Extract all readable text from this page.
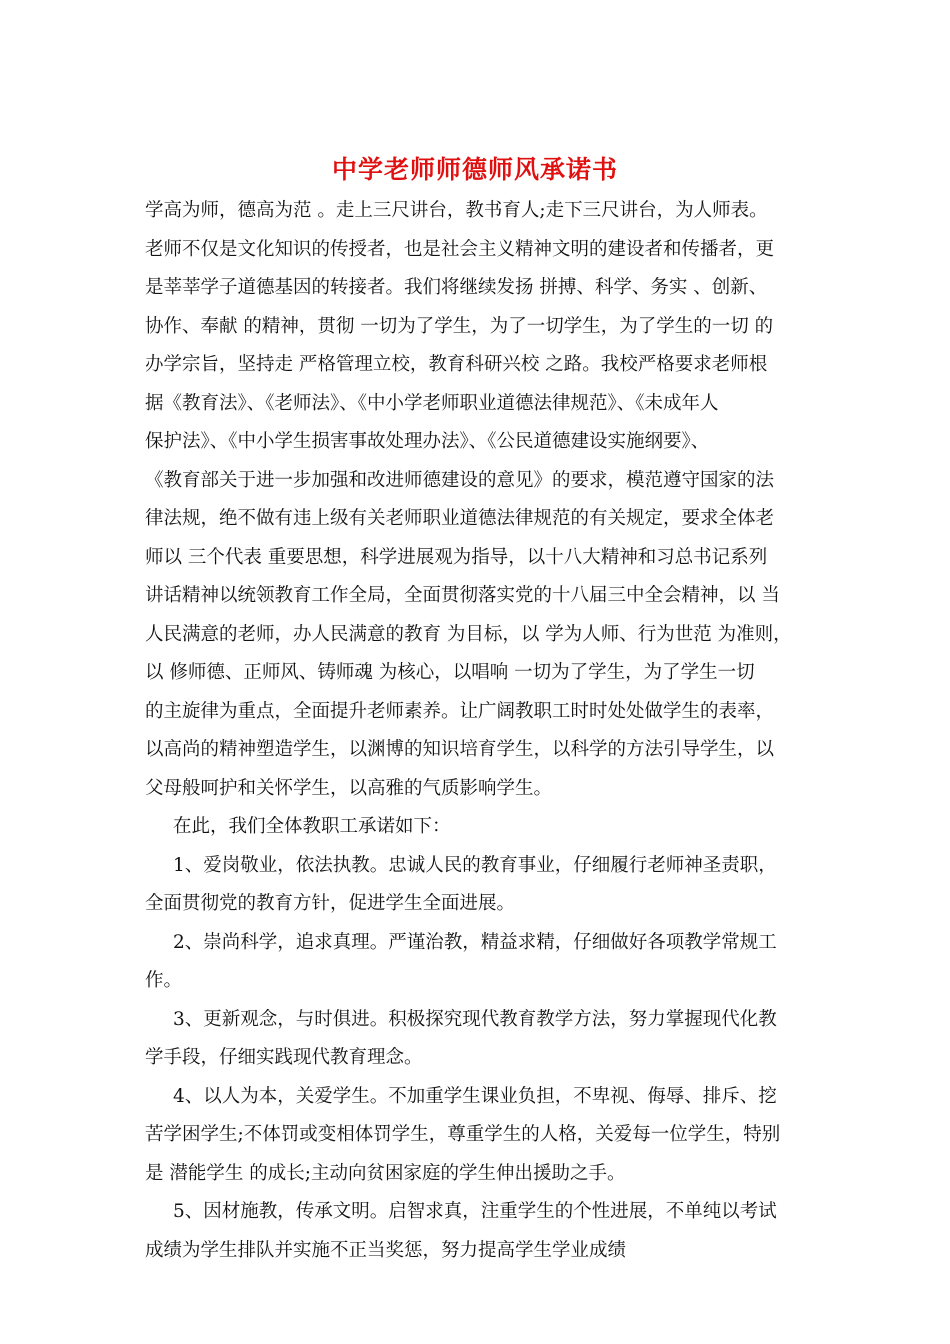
中学老师师德师风承诺书
学高为师，德高为范 。走上三尺讲台，教书育人;走下三尺讲台，为人师表。
老师不仅是文化知识的传授者，也是社会主义精神文明的建设者和传播者，更
是莘莘学子道德基因的转接者。我们将继续发扬 拼搏、科学、务实 、创新、
协作、奉献 的精神，贯彻 一切为了学生，为了一切学生，为了学生的一切 的
办学宗旨，坚持走 严格管理立校，教育科研兴校 之路。我校严格要求老师根
据《教育法》、《老师法》、《中小学老师职业道德法律规范》、《未成年人
保护法》、《中小学生损害事故处理办法》、《公民道德建设实施纲要》、
《教育部关于进一步加强和改进师德建设的意见》的要求，模范遵守国家的法
律法规，绝不做有违上级有关老师职业道德法律规范的有关规定，要求全体老
师以 三个代表 重要思想，科学进展观为指导，以十八大精神和习总书记系列
讲话精神以统领教育工作全局，全面贯彻落实党的十八届三中全会精神，以 当
人民满意的老师，办人民满意的教育 为目标，以 学为人师、行为世范 为准则，
以 修师德、正师风、铸师魂 为核心，以唱响 一切为了学生，为了学生一切
的主旋律为重点，全面提升老师素养。让广阔教职工时时处处做学生的表率，
以高尚的精神塑造学生，以渊博的知识培育学生，以科学的方法引导学生，以
父母般呵护和关怀学生，以高雅的气质影响学生。
在此，我们全体教职工承诺如下：
1、爱岗敬业，依法执教。忠诚人民的教育事业，仔细履行老师神圣责职，
全面贯彻党的教育方针，促进学生全面进展。
2、崇尚科学，追求真理。严谨治教，精益求精，仔细做好各项教学常规工
作。
3、更新观念，与时俱进。积极探究现代教育教学方法，努力掌握现代化教
学手段，仔细实践现代教育理念。
4、以人为本，关爱学生。不加重学生课业负担，不卑视、侮辱、排斥、挖
苦学困学生;不体罚或变相体罚学生，尊重学生的人格，关爱每一位学生，特别
是 潜能学生 的成长;主动向贫困家庭的学生伸出援助之手。
5、因材施教，传承文明。启智求真，注重学生的个性进展，不单纯以考试
成绩为学生排队并实施不正当奖惩，努力提高学生学业成绩
